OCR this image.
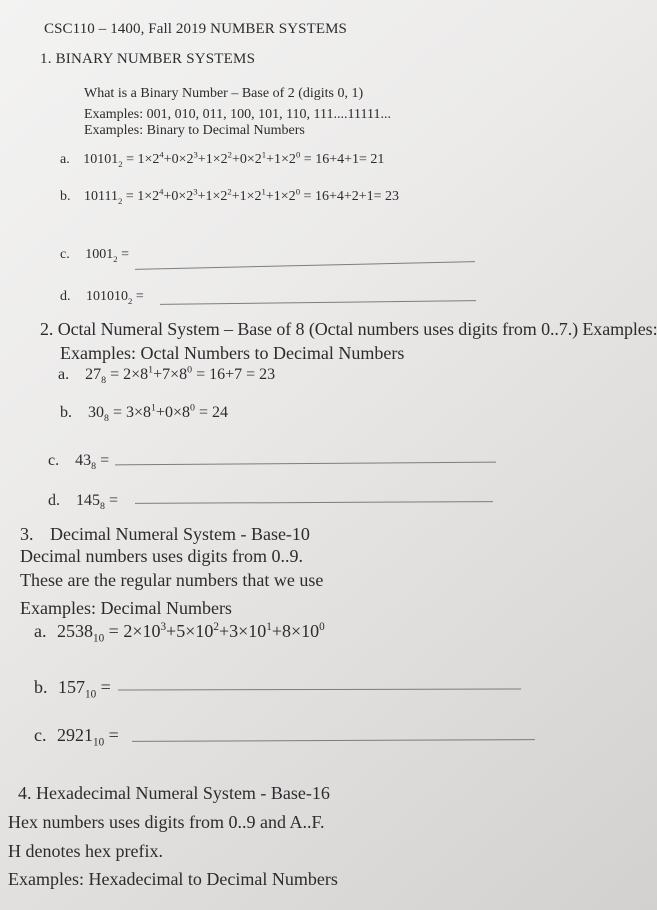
CSC110 – 1400, Fall 2019 NUMBER SYSTEMS
1. BINARY NUMBER SYSTEMS
What is a Binary Number – Base of 2 (digits 0, 1)
Examples: 001, 010, 011, 100, 101, 110, 111....11111...
Examples: Binary to Decimal Numbers
a. $10101_2 = 1\times 2^4+0\times 2^3+1\times 2^2+0\times 2^1+1\times 2^0 = 16+4+1= 21$
b. $10111_2 = 1\times 2^4+0\times 2^3+1\times 2^2+1\times 2^1+1\times 2^0 = 16+4+2+1= 23$
c. $1001_2$ =
d. $101010_2$ =
2. Octal Numeral System – Base of 8 (Octal numbers uses digits from 0..7.) Examples:
Examples: Octal Numbers to Decimal Numbers
a. $27_8 = 2\times 8^1+7\times 8^0 = 16+7 = 23$
b. $30_8 = 3\times 8^1+0\times 8^0 = 24$
c. $43_8$ =
d. $145_8$ =
3. Decimal Numeral System - Base-10
Decimal numbers uses digits from 0..9.
These are the regular numbers that we use
Examples: Decimal Numbers
a. $2538_{10} = 2\times 10^3+5\times 10^2+3\times 10^1+8\times 10^0$
b. $157_{10}$ =
c. $2921_{10}$ =
4. Hexadecimal Numeral System - Base-16
Hex numbers uses digits from 0..9 and A..F.
H denotes hex prefix.
Examples: Hexadecimal to Decimal Numbers
